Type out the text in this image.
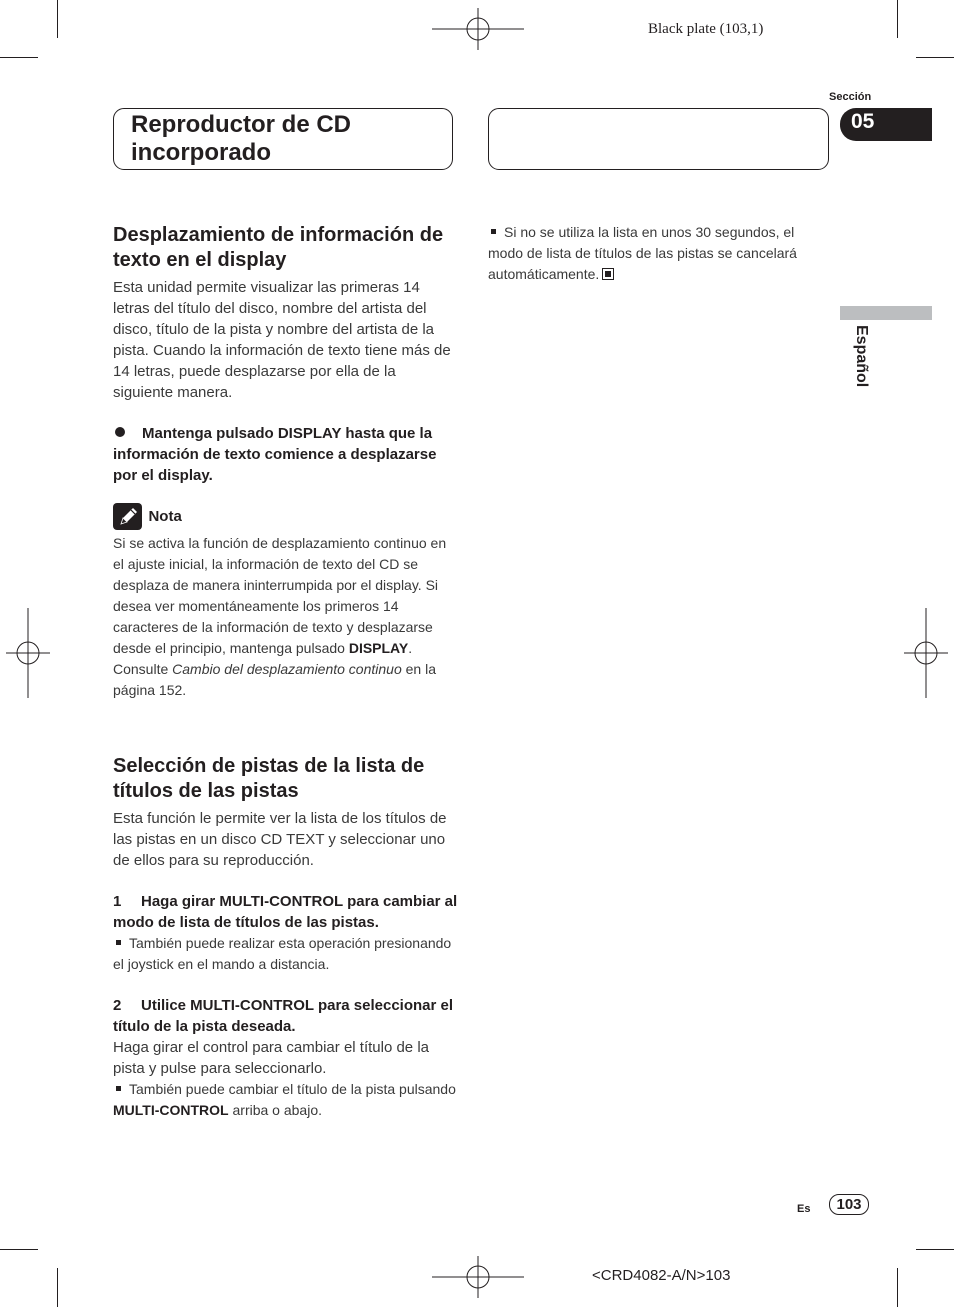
Black plate (103,1)
Reproductor de CD incorporado
Sección
05
Español
Desplazamiento de información de texto en el display

Esta unidad permite visualizar las primeras 14 letras del título del disco, nombre del artista del disco, título de la pista y nombre del artista de la pista. Cuando la información de texto tiene más de 14 letras, puede desplazarse por ella de la siguiente manera.

Mantenga pulsado DISPLAY hasta que la información de texto comience a desplazarse por el display.

Nota

Si se activa la función de desplazamiento continuo en el ajuste inicial, la información de texto del CD se desplaza de manera ininterrumpida por el display. Si desea ver momentáneamente los primeros 14 caracteres de la información de texto y desplazarse desde el principio, mantenga pulsado DISPLAY. Consulte Cambio del desplazamiento continuo en la página 152.

Selección de pistas de la lista de títulos de las pistas

Esta función le permite ver la lista de los títulos de las pistas en un disco CD TEXT y seleccionar uno de ellos para su reproducción.

1 Haga girar MULTI-CONTROL para cambiar al modo de lista de títulos de las pistas.

También puede realizar esta operación presionando el joystick en el mando a distancia.

2 Utilice MULTI-CONTROL para seleccionar el título de la pista deseada.

Haga girar el control para cambiar el título de la pista y pulse para seleccionarlo.

También puede cambiar el título de la pista pulsando MULTI-CONTROL arriba o abajo.

Si no se utiliza la lista en unos 30 segundos, el modo de lista de títulos de las pistas se cancelará automáticamente.

Es	103
<CRD4082-A/N>103
